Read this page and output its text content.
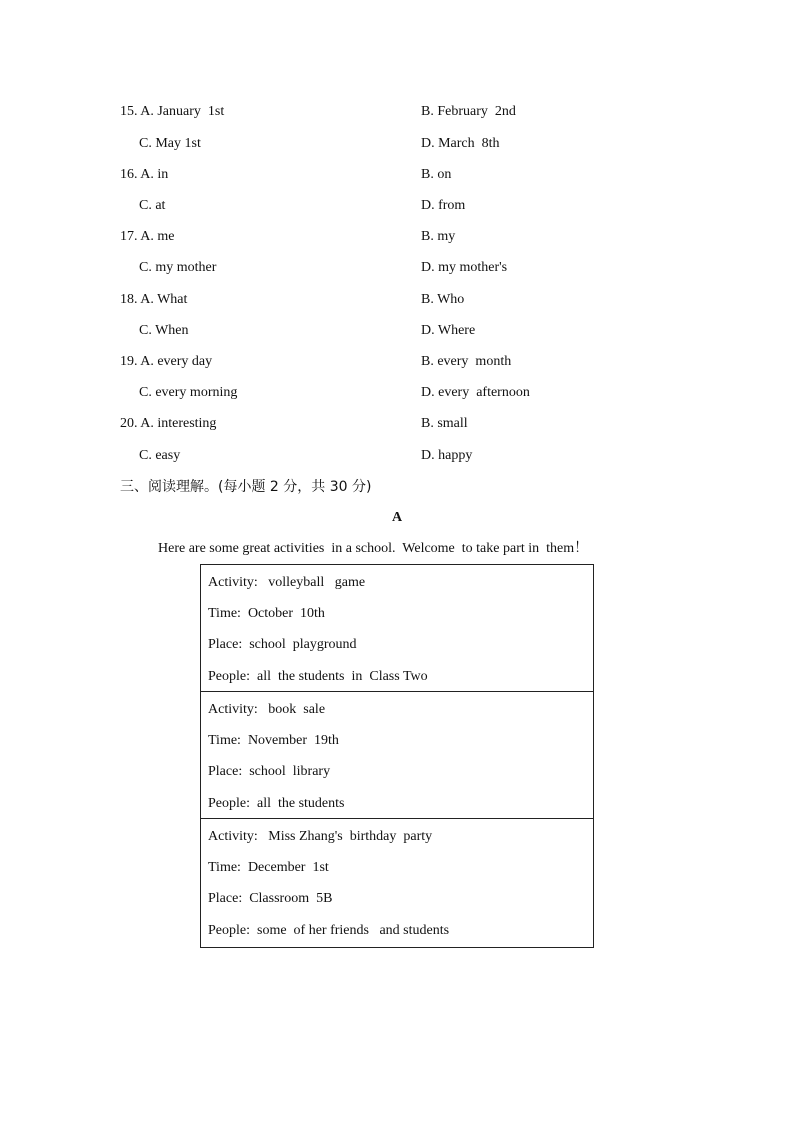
15. A. January  1st	B. February  2nd
C. May 1st	D. March  8th
16. A. in	B. on
C. at	D. from
17. A. me	B. my
C. my mother	D. my mother's
18. A. What	B. Who
C. When	D. Where
19. A. every day	B. every  month
C. every morning	D. every  afternoon
20. A. interesting	B. small
C. easy	D. happy
三、阅读理解。(每小题 2 分，共 30 分)
A
Here are some great activities  in a school.  Welcome  to take part in  them！
Activity:   volleyball   game
Time:  October  10th
Place:  school  playground
People:  all  the students  in  Class Two
Activity:   book  sale
Time:  November  19th
Place:  school  library
People:  all  the students
Activity:   Miss Zhang's  birthday  party
Time:  December  1st
Place:  Classroom  5B
People:  some  of her friends   and students
